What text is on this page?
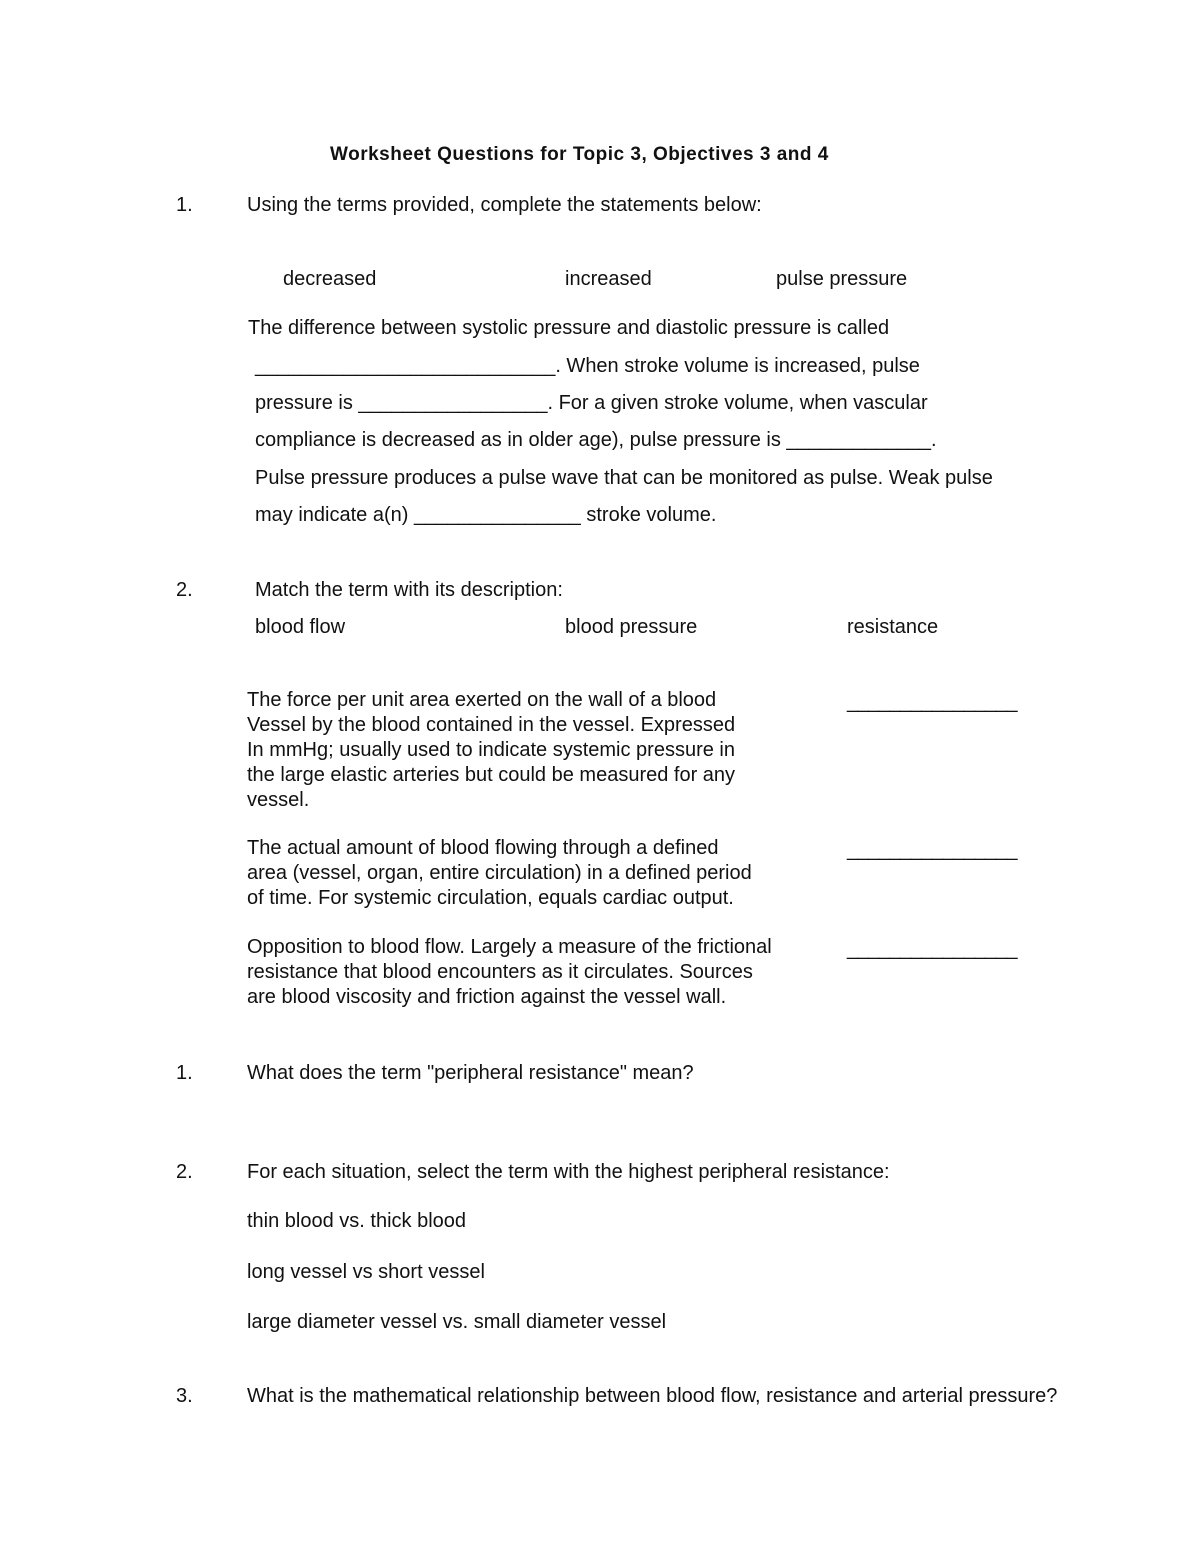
Worksheet Questions for Topic 3, Objectives 3 and 4
1.	Using the terms provided, complete the statements below:
decreased	increased	pulse pressure
The difference between systolic pressure and diastolic pressure is called
___________________________. When stroke volume is increased, pulse
pressure is _________________. For a given stroke volume, when vascular
compliance is decreased as in older age), pulse pressure is _____________.
Pulse pressure produces a pulse wave that can be monitored as pulse. Weak pulse
may indicate a(n) _______________ stroke volume.
2.	Match the term with its description:
blood flow	blood pressure	resistance
The force per unit area exerted on the wall of a blood
Vessel by the blood contained in the vessel. Expressed
In mmHg; usually used to indicate systemic pressure in
the large elastic arteries but could be measured for any
vessel.
________________
The actual amount of blood flowing through a defined
area (vessel, organ, entire circulation) in a defined period
of time. For systemic circulation, equals cardiac output.
________________
Opposition to blood flow. Largely a measure of the frictional
resistance that blood encounters as it circulates. Sources
are blood viscosity and friction against the vessel wall.
________________
1.	What does the term "peripheral resistance" mean?
2.	For each situation, select the term with the highest peripheral resistance:
thin blood vs. thick blood
long vessel vs short vessel
large diameter vessel vs. small diameter vessel
3.	What is the mathematical relationship between blood flow, resistance and arterial pressure?
